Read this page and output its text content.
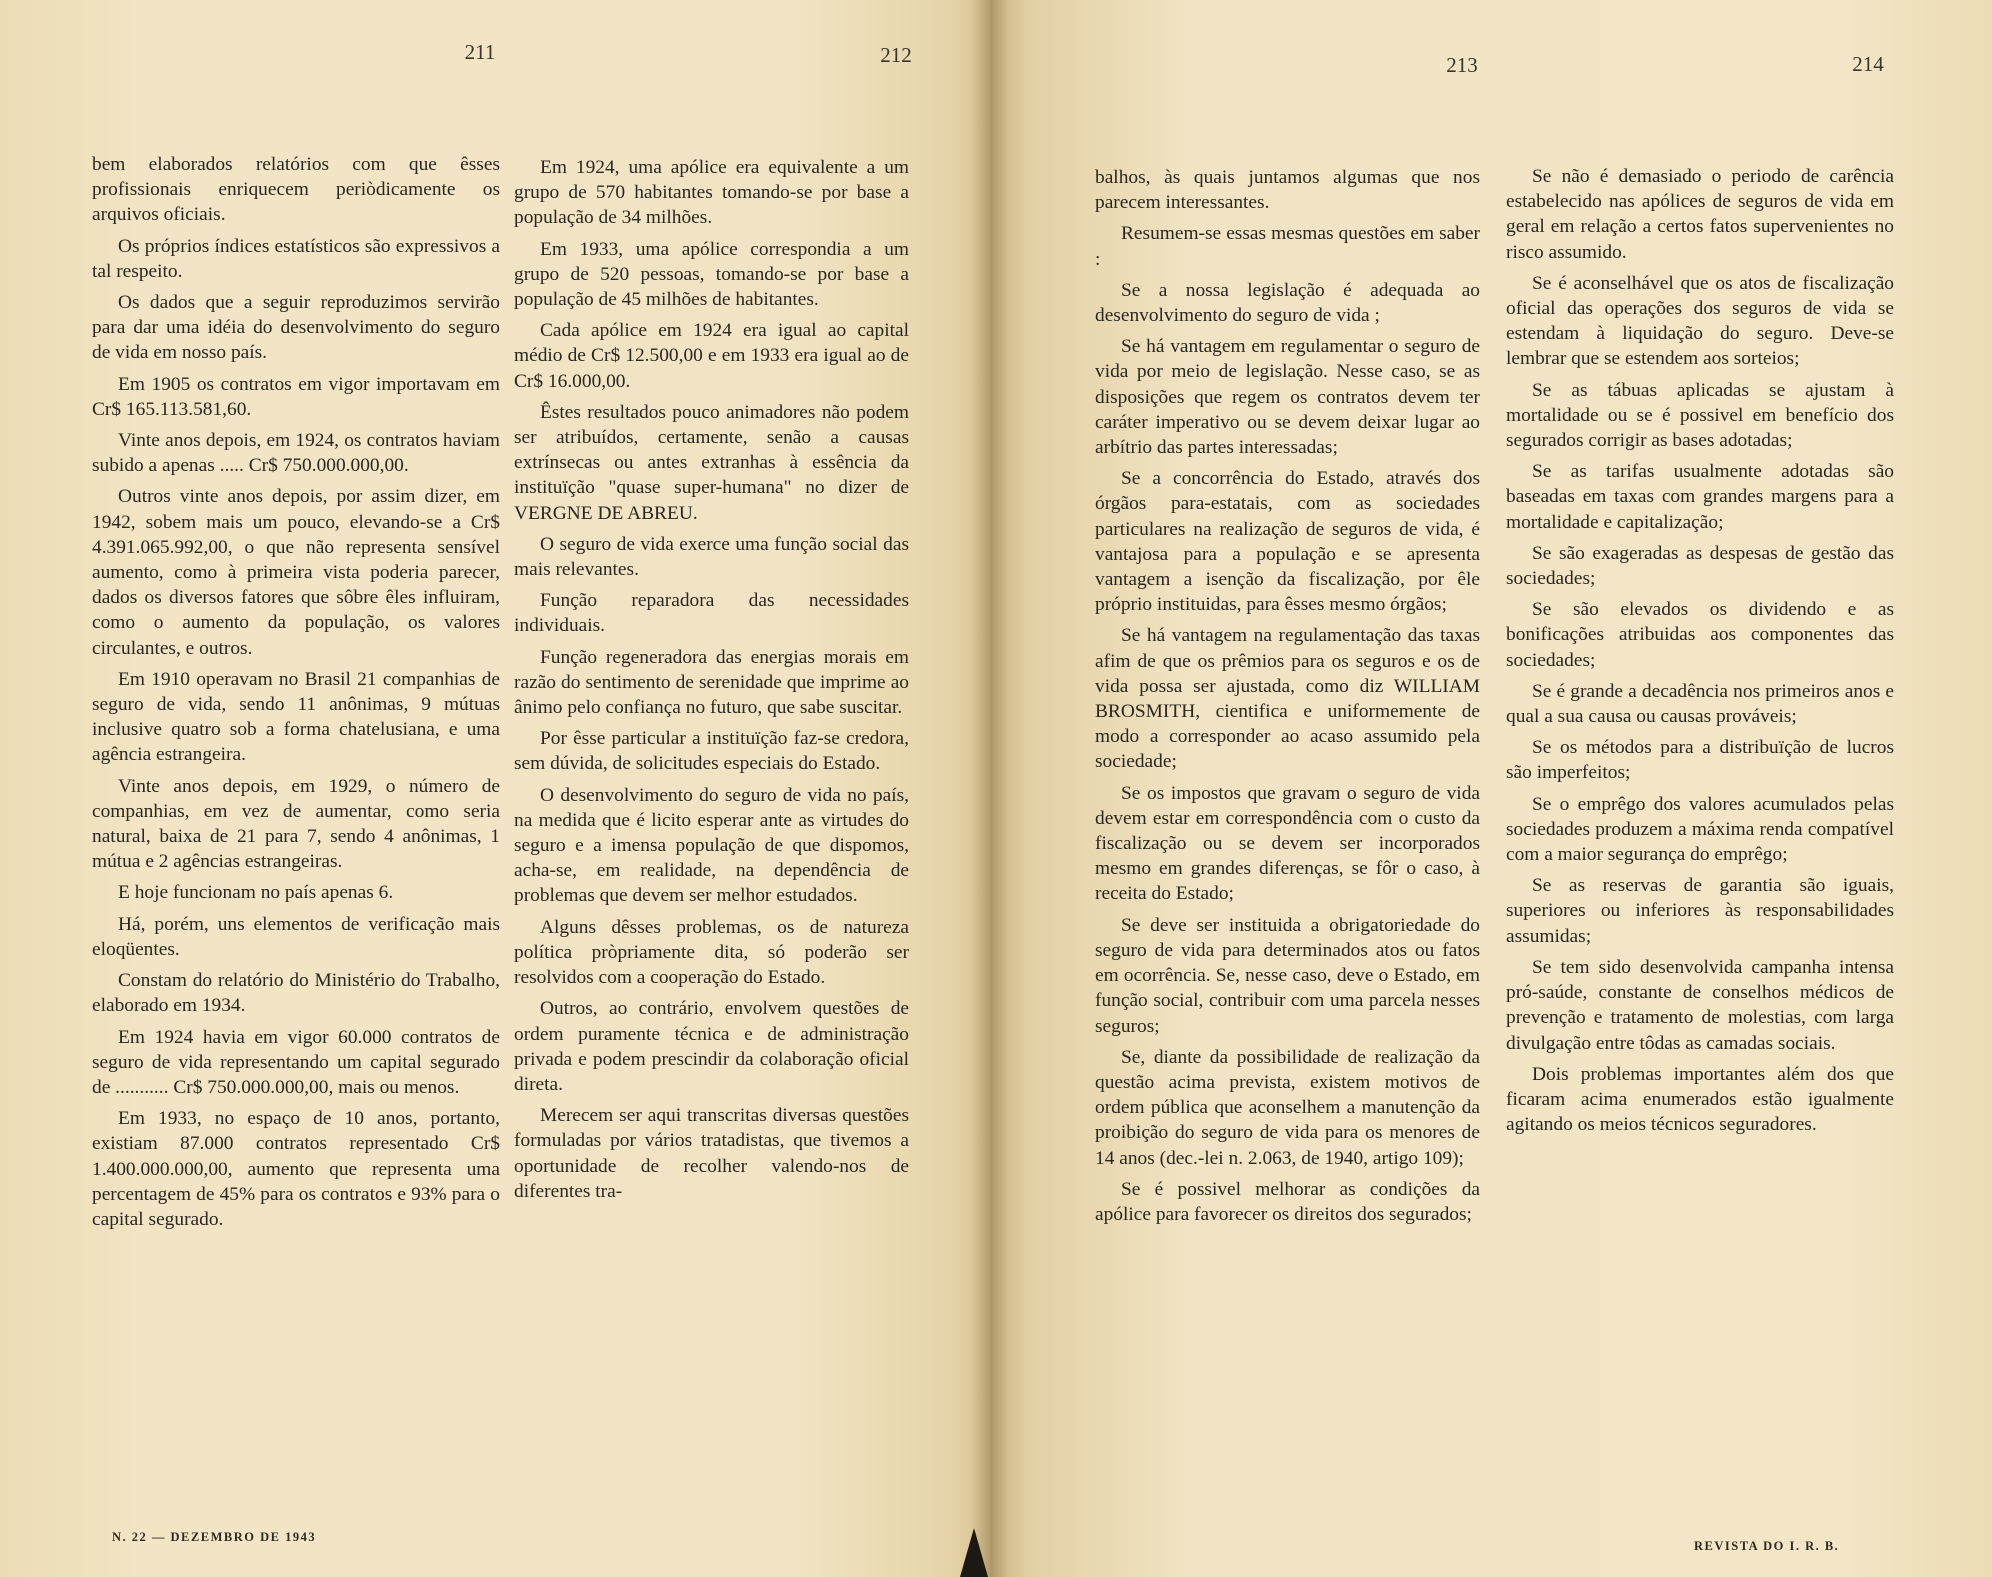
211	212	213	214

bem elaborados relatórios com que êsses profissionais enriquecem periòdicamente os arquivos oficiais.

Os próprios índices estatísticos são expressivos a tal respeito.

Os dados que a seguir reproduzimos servirão para dar uma idéia do desenvolvimento do seguro de vida em nosso país.

Em 1905 os contratos em vigor importavam em Cr$ 165.113.581,60.

Vinte anos depois, em 1924, os contratos haviam subido a apenas ..... Cr$ 750.000.000,00.

Outros vinte anos depois, por assim dizer, em 1942, sobem mais um pouco, elevando-se a Cr$ 4.391.065.992,00, o que não representa sensível aumento, como à primeira vista poderia parecer, dados os diversos fatores que sôbre êles influiram, como o aumento da população, os valores circulantes, e outros.

Em 1910 operavam no Brasil 21 companhias de seguro de vida, sendo 11 anônimas, 9 mútuas inclusive quatro sob a forma chatelusiana, e uma agência estrangeira.

Vinte anos depois, em 1929, o número de companhias, em vez de aumentar, como seria natural, baixa de 21 para 7, sendo 4 anônimas, 1 mútua e 2 agências estrangeiras.

E hoje funcionam no país apenas 6.

Há, porém, uns elementos de verificação mais eloqüentes.

Constam do relatório do Ministério do Trabalho, elaborado em 1934.

Em 1924 havia em vigor 60.000 contratos de seguro de vida representando um capital segurado de ........... Cr$ 750.000.000,00, mais ou menos.

Em 1933, no espaço de 10 anos, portanto, existiam 87.000 contratos representado Cr$ 1.400.000.000,00, aumento que representa uma percentagem de 45% para os contratos e 93% para o capital segurado.

Em 1924, uma apólice era equivalente a um grupo de 570 habitantes tomando-se por base a população de 34 milhões.

Em 1933, uma apólice correspondia a um grupo de 520 pessoas, tomando-se por base a população de 45 milhões de habitantes.

Cada apólice em 1924 era igual ao capital médio de Cr$ 12.500,00 e em 1933 era igual ao de Cr$ 16.000,00.

Êstes resultados pouco animadores não podem ser atribuídos, certamente, senão a causas extrínsecas ou antes extranhas à essência da instituïção "quase super-humana" no dizer de VERGNE DE ABREU.

O seguro de vida exerce uma função social das mais relevantes.

Função reparadora das necessidades individuais.

Função regeneradora das energias morais em razão do sentimento de serenidade que imprime ao ânimo pelo confiança no futuro, que sabe suscitar.

Por êsse particular a instituïção faz-se credora, sem dúvida, de solicitudes especiais do Estado.

O desenvolvimento do seguro de vida no país, na medida que é licito esperar ante as virtudes do seguro e a imensa população de que dispomos, acha-se, em realidade, na dependência de problemas que devem ser melhor estudados.

Alguns dêsses problemas, os de natureza política pròpriamente dita, só poderão ser resolvidos com a cooperação do Estado.

Outros, ao contrário, envolvem questões de ordem puramente técnica e de administração privada e podem prescindir da colaboração oficial direta.

Merecem ser aqui transcritas diversas questões formuladas por vários tratadistas, que tivemos a oportunidade de recolher valendo-nos de diferentes tra-

balhos, às quais juntamos algumas que nos parecem interessantes.

Resumem-se essas mesmas questões em saber :

Se a nossa legislação é adequada ao desenvolvimento do seguro de vida ;

Se há vantagem em regulamentar o seguro de vida por meio de legislação. Nesse caso, se as disposições que regem os contratos devem ter caráter imperativo ou se devem deixar lugar ao arbítrio das partes interessadas;

Se a concorrência do Estado, através dos órgãos para-estatais, com as sociedades particulares na realização de seguros de vida, é vantajosa para a população e se apresenta vantagem a isenção da fiscalização, por êle próprio instituidas, para êsses mesmo órgãos;

Se há vantagem na regulamentação das taxas afim de que os prêmios para os seguros e os de vida possa ser ajustada, como diz WILLIAM BROSMITH, cientifica e uniformemente de modo a corresponder ao acaso assumido pela sociedade;

Se os impostos que gravam o seguro de vida devem estar em correspondência com o custo da fiscalização ou se devem ser incorporados mesmo em grandes diferenças, se fôr o caso, à receita do Estado;

Se deve ser instituida a obrigatoriedade do seguro de vida para determinados atos ou fatos em ocorrência. Se, nesse caso, deve o Estado, em função social, contribuir com uma parcela nesses seguros;

Se, diante da possibilidade de realização da questão acima prevista, existem motivos de ordem pública que aconselhem a manutenção da proibição do seguro de vida para os menores de 14 anos (dec.-lei n. 2.063, de 1940, artigo 109);

Se é possivel melhorar as condições da apólice para favorecer os direitos dos segurados;

Se não é demasiado o periodo de carência estabelecido nas apólices de seguros de vida em geral em relação a certos fatos supervenientes no risco assumido.

Se é aconselhável que os atos de fiscalização oficial das operações dos seguros de vida se estendam à liquidação do seguro. Deve-se lembrar que se estendem aos sorteios;

Se as tábuas aplicadas se ajustam à mortalidade ou se é possivel em benefício dos segurados corrigir as bases adotadas;

Se as tarifas usualmente adotadas são baseadas em taxas com grandes margens para a mortalidade e capitalização;

Se são exageradas as despesas de gestão das sociedades;

Se são elevados os dividendo e as bonificações atribuidas aos componentes das sociedades;

Se é grande a decadência nos primeiros anos e qual a sua causa ou causas prováveis;

Se os métodos para a distribuïção de lucros são imperfeitos;

Se o emprêgo dos valores acumulados pelas sociedades produzem a máxima renda compatível com a maior segurança do emprêgo;

Se as reservas de garantia são iguais, superiores ou inferiores às responsabilidades assumidas;

Se tem sido desenvolvida campanha intensa pró-saúde, constante de conselhos médicos de prevenção e tratamento de molestias, com larga divulgação entre tôdas as camadas sociais.

Dois problemas importantes além dos que ficaram acima enumerados estão igualmente agitando os meios técnicos seguradores.

N. 22 — DEZEMBRO DE 1943
REVISTA DO I. R. B.
